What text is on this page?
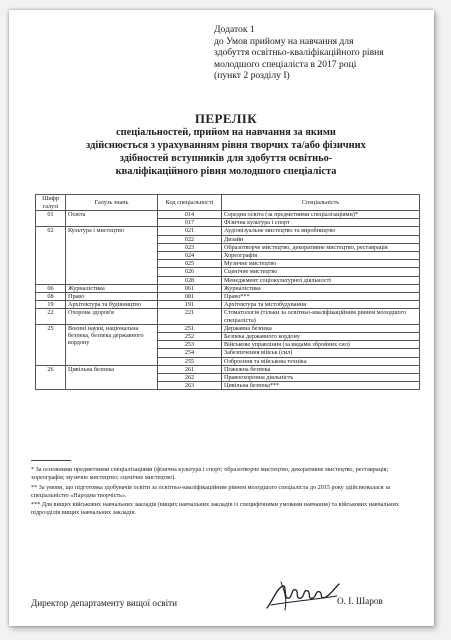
Додаток 1
до Умов прийому на навчання для
здобуття освітньо-кваліфікаційного рівня
молодшого спеціаліста в 2017 році
(пункт 2 розділу І)
ПЕРЕЛІК
спеціальностей, прийом на навчання за якими
здійснюється з урахуванням рівня творчих та/або фізичних
здібностей вступників для здобуття освітньо-
кваліфікаційного рівня молодшого спеціаліста
Шифр галузі	Галузь знань	Код спеціальності	Спеціальність
01	Освіта	014	Середня освіта (за предметними спеціалізаціями)*
		017	Фізична культура і спорт
02	Культура і мистецтво	021	Аудіовізуальне мистецтво та виробництво
		022	Дизайн
		023	Образотворче мистецтво, декоративне мистецтво, реставрація
		024	Хореографія
		025	Музичне мистецтво
		026	Сценічне мистецтво
		028	Менеджмент соціокультурної діяльності
06	Журналістика	061	Журналістика
08	Право	081	Право***
19	Архітектура та будівництво	191	Архітектура та містобудування
22	Охорона здоров'я	221	Стоматологія (тільки за освітньо-кваліфікаційним рівнем молодшого спеціаліста)
25	Воєнні науки, національна безпека, безпека державного кордону	251	Державна безпека
		252	Безпека державного кордону
		253	Військове управління (за видами збройних сил)
		254	Забезпечення військ (сил)
		255	Озброєння та військова техніка
26	Цивільна безпека	261	Пожежна безпека
		262	Правоохоронна діяльність
		263	Цивільна безпека***

* За основними предметними спеціалізаціями (фізична культура і спорт; образотворче мистецтво, декоративне мистецтво, реставрація; хореографія; музичне мистецтво; сценічне мистецтво).

** За умови, що підготовка здобувачів освіти за освітньо-кваліфікаційним рівнем молодшого спеціаліста до 2015 року здійснювалася за спеціальністю «Народна творчість».

*** Для вищих військових навчальних закладів (вищих навчальних закладів із специфічними умовами навчання) та військових навчальних підрозділів вищих навчальних закладів.

Директор департаменту вищої освіти	О. І. Шаров
